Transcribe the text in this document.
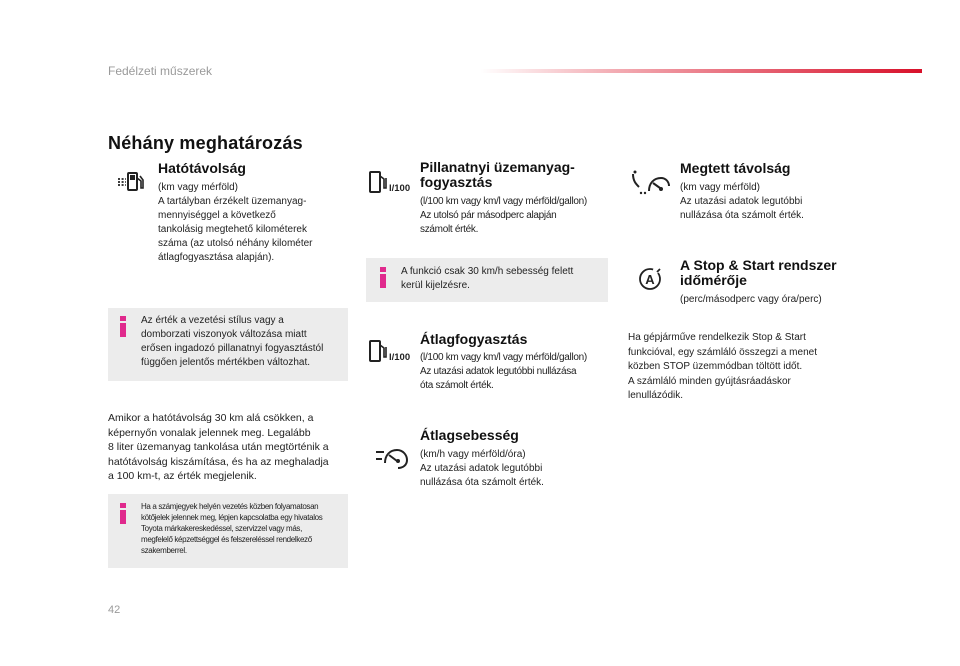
Fedélzeti műszerek
Néhány meghatározás
Hatótávolság
(km vagy mérföld)
A tartályban érzékelt üzemanyag-
mennyiséggel a következő
tankolásig megtehető kilométerek
száma (az utolsó néhány kilométer
átlagfogyasztása alapján).
Az érték a vezetési stílus vagy a
domborzati viszonyok változása miatt
erősen ingadozó pillanatnyi fogyasztástól
függően jelentős mértékben változhat.
Amikor a hatótávolság 30 km alá csökken, a
képernyőn vonalak jelennek meg. Legalább
8 liter üzemanyag tankolása után megtörténik a
hatótávolság kiszámítása, és ha az meghaladja
a 100 km-t, az érték megjelenik.
Ha a számjegyek helyén vezetés közben folyamatosan
kötőjelek jelennek meg, lépjen kapcsolatba egy hivatalos
Toyota márkakereskedéssel, szervizzel vagy más,
megfelelő képzettséggel és felszereléssel rendelkező
szakemberrel.
l/100
Pillanatnyi üzemanyag-
fogyasztás
(l/100 km vagy km/l vagy mérföld/gallon)
Az utolsó pár másodperc alapján
számolt érték.
A funkció csak 30 km/h sebesség felett
kerül kijelzésre.
l/100
Átlagfogyasztás
(l/100 km vagy km/l vagy mérföld/gallon)
Az utazási adatok legutóbbi nullázása
óta számolt érték.
Átlagsebesség
(km/h vagy mérföld/óra)
Az utazási adatok legutóbbi
nullázása óta számolt érték.
Megtett távolság
(km vagy mérföld)
Az utazási adatok legutóbbi
nullázása óta számolt érték.
A
A Stop & Start rendszer
időmérője
(perc/másodperc vagy óra/perc)
Ha gépjárműve rendelkezik Stop & Start
funkcióval, egy számláló összegzi a menet
közben STOP üzemmódban töltött időt.
A számláló minden gyújtásráadáskor
lenullázódik.
42
